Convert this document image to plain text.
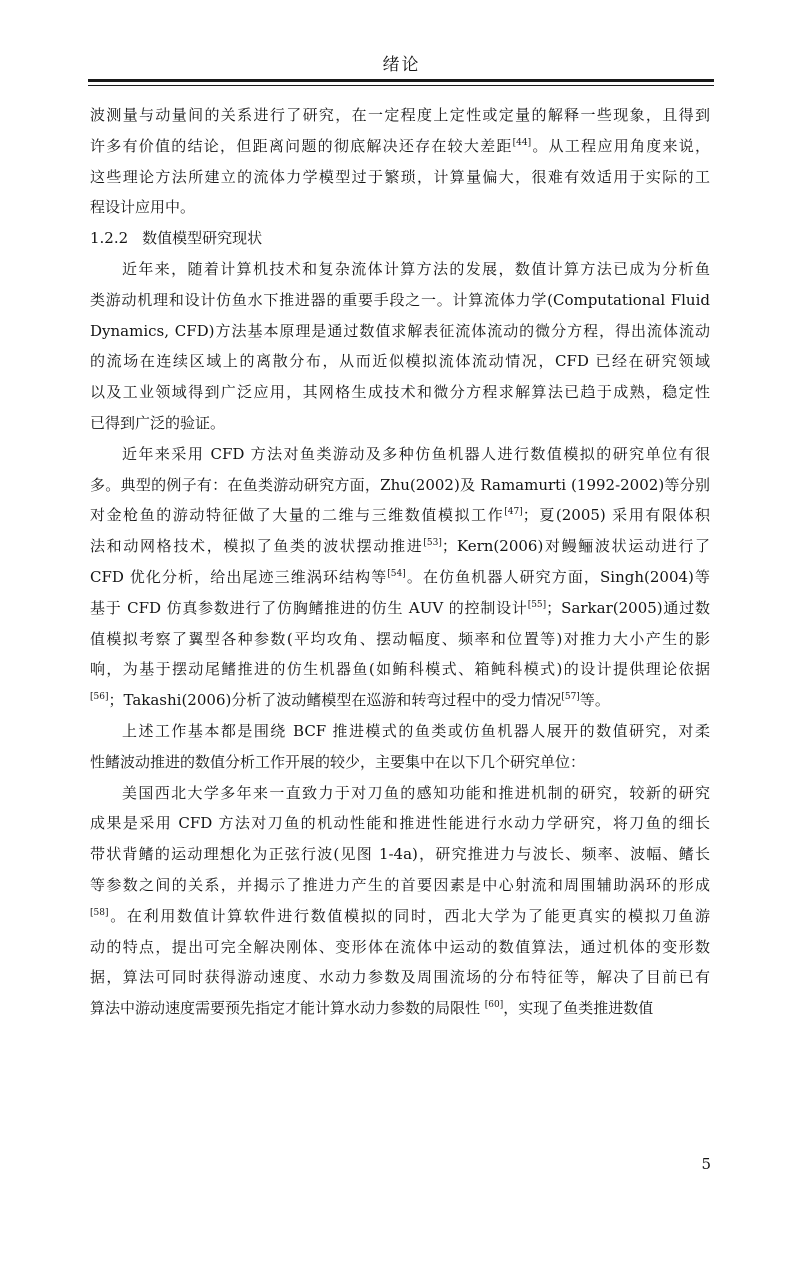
绪论

波测量与动量间的关系进行了研究，在一定程度上定性或定量的解释一些现象，且得到
许多有价值的结论，但距离问题的彻底解决还存在较大差距[44]。从工程应用角度来说，
这些理论方法所建立的流体力学模型过于繁琐，计算量偏大，很难有效适用于实际的工
程设计应用中。

1.2.2 数值模型研究现状

近年来，随着计算机技术和复杂流体计算方法的发展，数值计算方法已成为分析鱼
类游动机理和设计仿鱼水下推进器的重要手段之一。计算流体力学(Computational Fluid
Dynamics, CFD)方法基本原理是通过数值求解表征流体流动的微分方程，得出流体流动
的流场在连续区域上的离散分布，从而近似模拟流体流动情况，CFD 已经在研究领域
以及工业领域得到广泛应用，其网格生成技术和微分方程求解算法已趋于成熟，稳定性
已得到广泛的验证。

近年来采用 CFD 方法对鱼类游动及多种仿鱼机器人进行数值模拟的研究单位有很
多。典型的例子有：在鱼类游动研究方面，Zhu(2002)及 Ramamurti (1992-2002)等分别
对金枪鱼的游动特征做了大量的二维与三维数值模拟工作[47]；夏(2005) 采用有限体积
法和动网格技术，模拟了鱼类的波状摆动推进[53]；Kern(2006)对鳗鲡波状运动进行了
CFD 优化分析，给出尾迹三维涡环结构等[54]。在仿鱼机器人研究方面，Singh(2004)等
基于 CFD 仿真参数进行了仿胸鳍推进的仿生 AUV 的控制设计[55]；Sarkar(2005)通过数
值模拟考察了翼型各种参数(平均攻角、摆动幅度、频率和位置等)对推力大小产生的影
响，为基于摆动尾鳍推进的仿生机器鱼(如鲔科模式、箱鲀科模式)的设计提供理论依据
[56]；Takashi(2006)分析了波动鳍模型在巡游和转弯过程中的受力情况[57]等。

上述工作基本都是围绕 BCF 推进模式的鱼类或仿鱼机器人展开的数值研究，对柔
性鳍波动推进的数值分析工作开展的较少，主要集中在以下几个研究单位：

美国西北大学多年来一直致力于对刀鱼的感知功能和推进机制的研究，较新的研究
成果是采用 CFD 方法对刀鱼的机动性能和推进性能进行水动力学研究，将刀鱼的细长
带状背鳍的运动理想化为正弦行波(见图 1-4a)，研究推进力与波长、频率、波幅、鳍长
等参数之间的关系，并揭示了推进力产生的首要因素是中心射流和周围辅助涡环的形成
[58]。在利用数值计算软件进行数值模拟的同时，西北大学为了能更真实的模拟刀鱼游
动的特点，提出可完全解决刚体、变形体在流体中运动的数值算法，通过机体的变形数
据，算法可同时获得游动速度、水动力参数及周围流场的分布特征等，解决了目前已有
算法中游动速度需要预先指定才能计算水动力参数的局限性 [60]，实现了鱼类推进数值

5
